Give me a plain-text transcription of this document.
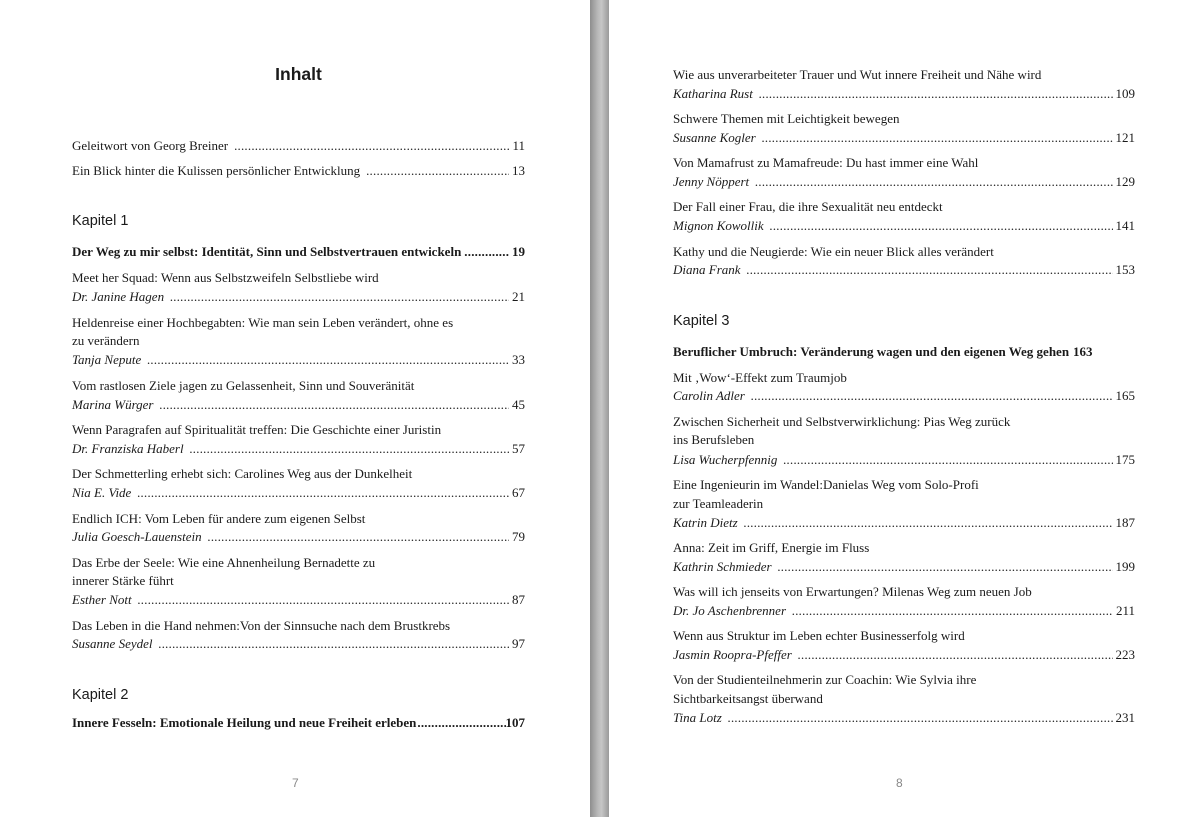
Inhalt
Geleitwort von Georg Breiner .....	11
Ein Blick hinter die Kulissen persönlicher Entwicklung .....	13
Kapitel 1
Der Weg zu mir selbst: Identität, Sinn und Selbstvertrauen entwickeln .....	19
Meet her Squad: Wenn aus Selbstzweifeln Selbstliebe wird
Dr. Janine Hagen .....	21
Heldenreise einer Hochbegabten: Wie man sein Leben verändert, ohne es
zu verändern
Tanja Nepute .....	33
Vom rastlosen Ziele jagen zu Gelassenheit, Sinn und Souveränität
Marina Würger .....	45
Wenn Paragrafen auf Spiritualität treffen: Die Geschichte einer Juristin
Dr. Franziska Haberl .....	57
Der Schmetterling erhebt sich: Carolines Weg aus der Dunkelheit
Nia E. Vide .....	67
Endlich ICH: Vom Leben für andere zum eigenen Selbst
Julia Goesch-Lauenstein .....	79
Das Erbe der Seele: Wie eine Ahnenheilung Bernadette zu
innerer Stärke führt
Esther Nott .....	87
Das Leben in die Hand nehmen:Von der Sinnsuche nach dem Brustkrebs
Susanne Seydel .....	97
Kapitel 2
Innere Fesseln: Emotionale Heilung und neue Freiheit erleben .....	107
7
Wie aus unverarbeiteter Trauer und Wut innere Freiheit und Nähe wird
Katharina Rust .....	109
Schwere Themen mit Leichtigkeit bewegen
Susanne Kogler .....	121
Von Mamafrust zu Mamafreude: Du hast immer eine Wahl
Jenny Nöppert .....	129
Der Fall einer Frau, die ihre Sexualität neu entdeckt
Mignon Kowollik .....	141
Kathy und die Neugierde: Wie ein neuer Blick alles verändert
Diana Frank .....	153
Kapitel 3
Beruflicher Umbruch: Veränderung wagen und den eigenen Weg gehen 163
Mit ‚Wow‘-Effekt zum Traumjob
Carolin Adler .....	165
Zwischen Sicherheit und Selbstverwirklichung: Pias Weg zurück
ins Berufsleben
Lisa Wucherpfennig .....	175
Eine Ingenieurin im Wandel:Danielas Weg vom Solo-Profi
zur Teamleaderin
Katrin Dietz .....	187
Anna: Zeit im Griff, Energie im Fluss
Kathrin Schmieder .....	199
Was will ich jenseits von Erwartungen? Milenas Weg zum neuen Job
Dr. Jo Aschenbrenner .....	211
Wenn aus Struktur im Leben echter Businesserfolg wird
Jasmin Roopra-Pfeffer .....	223
Von der Studienteilnehmerin zur Coachin: Wie Sylvia ihre
Sichtbarkeitsangst überwand
Tina Lotz .....	231
8
